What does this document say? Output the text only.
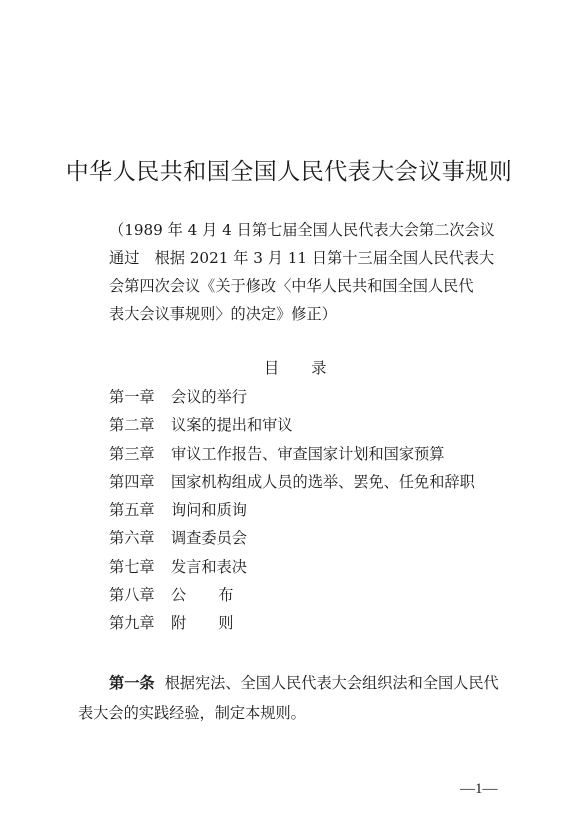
中华人民共和国全国人民代表大会议事规则
（1989 年 4 月 4 日第七届全国人民代表大会第二次会议
通过　根据 2021 年 3 月 11 日第十三届全国人民代表大
会第四次会议《关于修改〈中华人民共和国全国人民代
表大会议事规则〉的决定》修正）
目 录
第一章 会议的举行
第二章 议案的提出和审议
第三章 审议工作报告、审查国家计划和国家预算
第四章 国家机构组成人员的选举、罢免、任免和辞职
第五章 询问和质询
第六章 调查委员会
第七章 发言和表决
第八章 公 布
第九章 附 则
第一条 根据宪法、全国人民代表大会组织法和全国人民代
表大会的实践经验，制定本规则。
—1—
